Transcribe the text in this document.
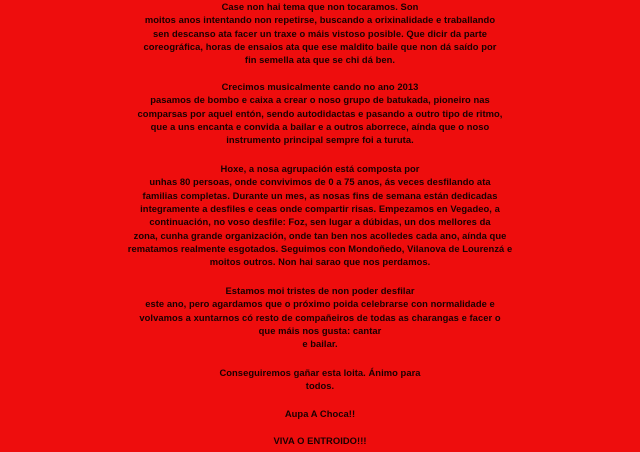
Case non hai tema que non tocaramos. Son
moitos anos intentando non repetirse, buscando a orixinalidade e traballando
sen descanso ata facer un traxe o máis vistoso posible. Que dicir da parte
coreográfica, horas de ensaios ata que ese maldito baile que non dá saído por
fin semella ata que se chi dá ben.
Crecimos musicalmente cando no ano 2013
pasamos de bombo e caixa a crear o noso grupo de batukada, pioneiro nas
comparsas por aquel entón, sendo autodidactas e pasando a outro tipo de ritmo,
que a uns encanta e convida a bailar e a outros aborrece, aínda que o noso
instrumento principal sempre foi a turuta.
Hoxe, a nosa agrupación está composta por
unhas 80 persoas, onde convivimos de 0 a 75 anos, ás veces desfilando ata
familias completas. Durante un mes, as nosas fins de semana están dedicadas
integramente a desfiles e ceas onde compartir risas. Empezamos en Vegadeo, a
continuación, no voso desfile: Foz, sen lugar a dúbidas, un dos mellores da
zona, cunha grande organización, onde tan ben nos acolledes cada ano, aínda que
rematamos realmente esgotados. Seguimos con Mondoñedo, Vilanova de Lourenzá e
moitos outros. Non hai sarao que nos perdamos.
Estamos moi tristes de non poder desfilar
este ano, pero agardamos que o próximo poida celebrarse con normalidade e
volvamos a xuntarnos có resto de compañeiros de todas as charangas e facer o
que máis nos gusta: cantar
e bailar.
Conseguiremos gañar esta loita. Ánimo para
todos.
Aupa A Choca!!
VIVA O ENTROIDO!!!
